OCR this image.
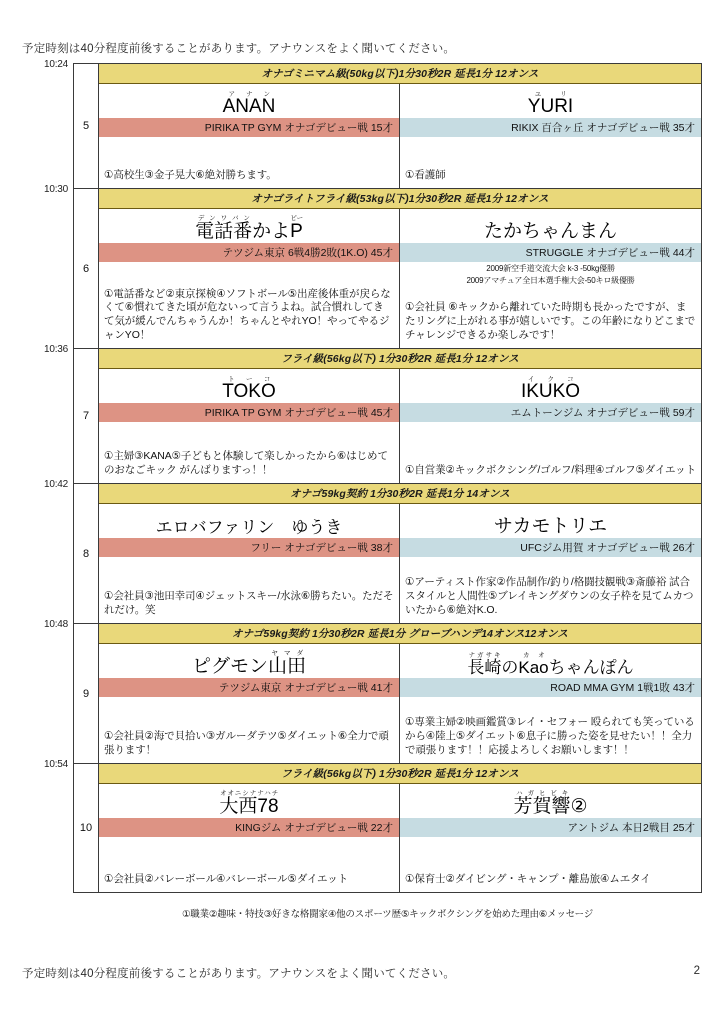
予定時刻は40分程度前後することがあります。アナウンスをよく聞いてください。
10:24
5
オナゴミニマム級(50kg以下)1分30秒2R 延長1分 12オンス
ANANアナン
PIRIKA TP GYM オナゴデビュー戦 15才
①高校生③金子晃大⑥絶対勝ちます。
YURIユリ
RIKIX 百合ヶ丘 オナゴデビュー戦 35才
①看護師
10:30
6
オナゴライトフライ級(53kg以下)1分30秒2R 延長1分 12オンス
電話番デンワバンかよPピー
テツジム東京 6戦4勝2敗(1K.O) 45才
①電話番など②東京探検④ソフトボール⑤出産後体重が戻らなくて⑥慣れてきた頃が危ないって言うよね。試合慣れしてきて気が緩んでんちゃうんか！ちゃんとやれYO！やってやるジャンYO！
たかちゃんまん
STRUGGLE オナゴデビュー戦 44才
2009新空手道交流大会 k-3 -50kg優勝
2009アマチュア全日本選手権大会-50キロ級優勝
①会社員 ⑥キックから離れていた時期も長かったですが、またリングに上がれる事が嬉しいです。この年齢になりどこまでチャレンジできるか楽しみです！
10:36
7
フライ級(56kg以下) 1分30秒2R 延長1分 12オンス
TOKOトーコ
PIRIKA TP GYM オナゴデビュー戦 45才
①主婦③KANA⑤子どもと体験して楽しかったから⑥はじめてのおなごキック がんばりますっ！！
IKUKOイクコ
エムトーンジム オナゴデビュー戦 59才
①自営業②キックボクシング/ゴルフ/料理④ゴルフ⑤ダイエット
10:42
8
オナゴ59kg契約 1分30秒2R 延長1分 14オンス
エロバファリン　ゆうき
フリー オナゴデビュー戦 38才
①会社員③池田幸司④ジェットスキー/水泳⑥勝ちたい。ただそれだけ。笑
サカモトリエ
UFCジム用賀 オナゴデビュー戦 26才
①アーティスト作家②作品制作/釣り/格闘技観戦③斎藤裕 試合スタイルと人間性⑤ブレイキングダウンの女子枠を見てムカついたから⑥絶対K.O.
10:48
9
オナゴ59kg契約 1分30秒2R 延長1分 グローブハンデ14オンス12オンス
ピグモン山田ヤマダ
テツジム東京 オナゴデビュー戦 41才
①会社員②海で貝拾い③ガルーダテツ⑤ダイエット⑥全力で頑張ります！
長崎ナガサキのKaoカオちゃんぽん
ROAD MMA GYM 1戦1敗 43才
①専業主婦②映画鑑賞③レイ・セフォー 殴られても笑っているから④陸上⑤ダイエット⑥息子に勝った姿を見せたい！！全力で頑張ります！！応援よろしくお願いします！！
10:54
10
フライ級(56kg以下) 1分30秒2R 延長1分 12オンス
大西78オオニシナナハチ
KINGジム オナゴデビュー戦 22才
①会社員②バレーボール④バレーボール⑤ダイエット
芳賀響ハガヒビキ②
アントジム 本日2戦目 25才
①保育士②ダイビング・キャンプ・離島旅④ムエタイ
①職業②趣味・特技③好きな格闘家④他のスポーツ歴⑤キックボクシングを始めた理由⑥メッセージ
予定時刻は40分程度前後することがあります。アナウンスをよく聞いてください。	2
